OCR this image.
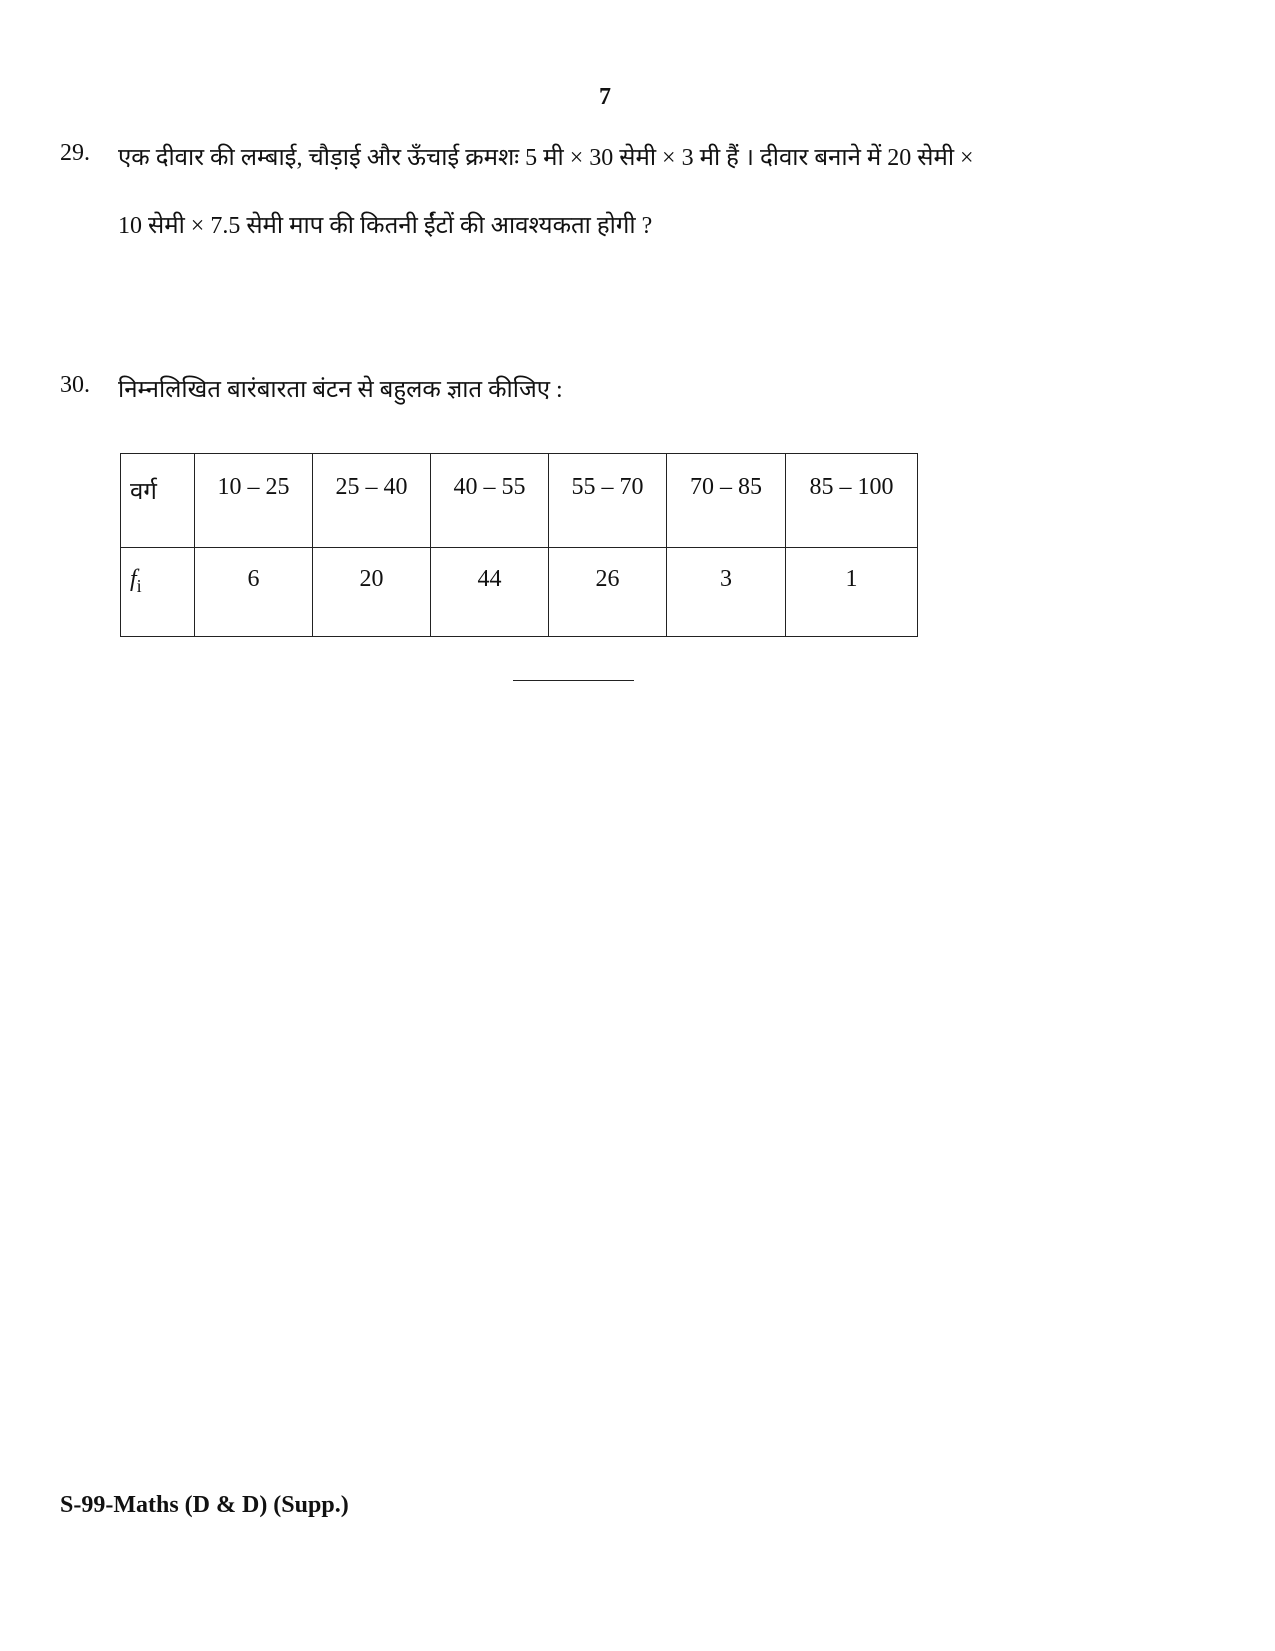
7
29. एक दीवार की लम्बाई, चौड़ाई और ऊँचाई क्रमशः 5 मी × 30 सेमी × 3 मी हैं । दीवार बनाने में 20 सेमी ×
10 सेमी × 7.5 सेमी माप की कितनी ईंटों की आवश्यकता होगी ?
30. निम्नलिखित बारंबारता बंटन से बहुलक ज्ञात कीजिए :
वर्ग	10 – 25	25 – 40	40 – 55	55 – 70	70 – 85	85 – 100
$f_i$	6	20	44	26	3	1
S-99-Maths (D & D) (Supp.)
